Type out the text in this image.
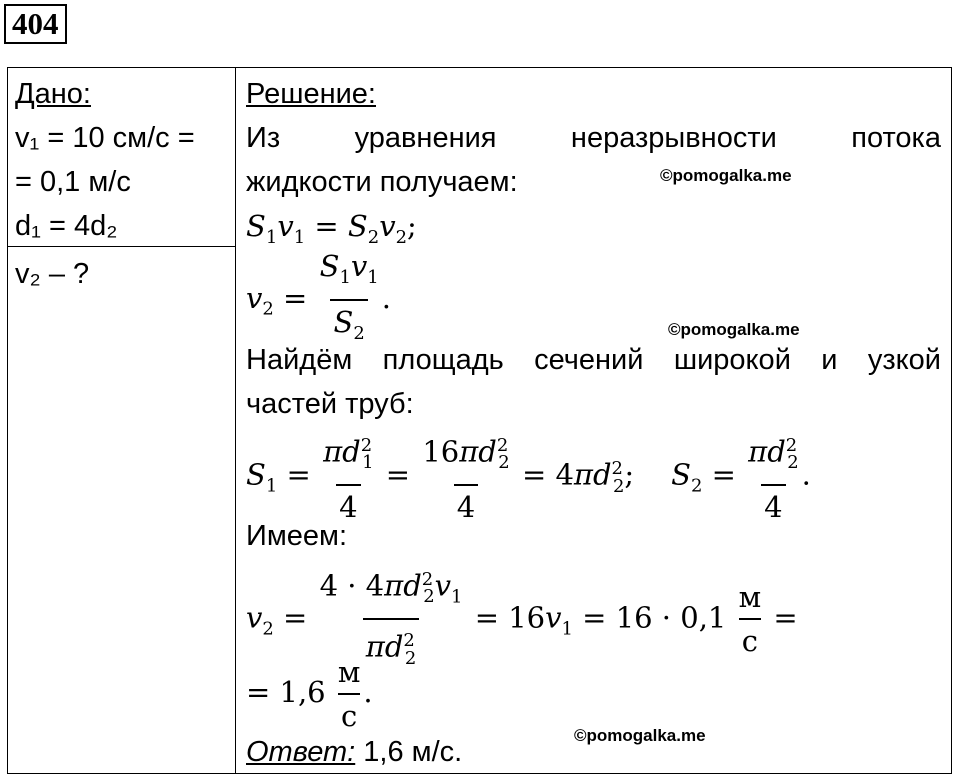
404
Дано:
v₁ = 10 см/с =
= 0,1 м/с
d₁ = 4d₂
v₂ – ?
Решение:
Из уравнения неразрывности потока
жидкости получаем:
$S_1v_1 = S_2v_2$;
$v_2 = \frac{S_1v_1}{S_2}$ .
Найдём площадь сечений широкой и узкой
частей труб:
$S_1 = \frac{\pi d^2_1}{4} = \frac{16\pi d^2_2}{4} = 4\pi d^2_2$;    $S_2 = \frac{\pi d^2_2}{4}$ .
Имеем:
$v_2 = \frac{4 \cdot 4\pi d^2_2v_1}{\pi d^2_2} = 16v_1 = 16 \cdot 0,1$
м
с
=
= 1,6
м
с
.
Ответ: 1,6 м/с.
©pomogalka.me
©pomogalka.me
©pomogalka.me
